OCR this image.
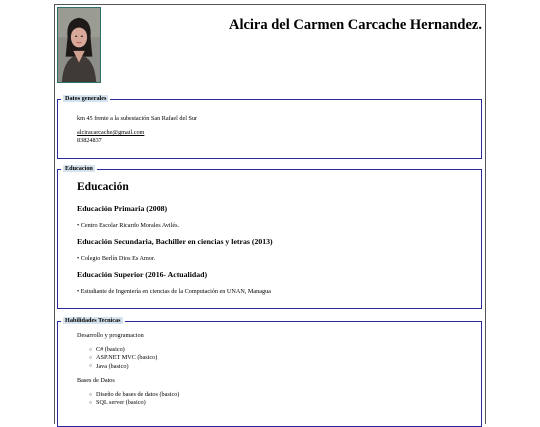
Alcira del Carmen Carcache Hernandez.
Datos generales
km 45 frente a la subestación San Rafael del Sur
alciracarcache@gmail.com
83824837
Educacion
Educación
Educación Primaria (2008)
• Centro Escolar Ricardo Morales Avilés.
Educación Secundaria, Bachiller en ciencias y letras (2013)
• Colegio Berlín Dios Es Amor.
Educación Superior (2016- Actualidad)
• Estudiante de Ingeniería en ciencias de la Computación en UNAN, Managua
Habilidades Tecnicas
Desarrollo y programacion
○ C# (basico)
○ ASP.NET MVC (basico)
○ Java (basico)
Bases de Datos
○ Diseño de bases de datos (basico)
○ SQL server (basico)
